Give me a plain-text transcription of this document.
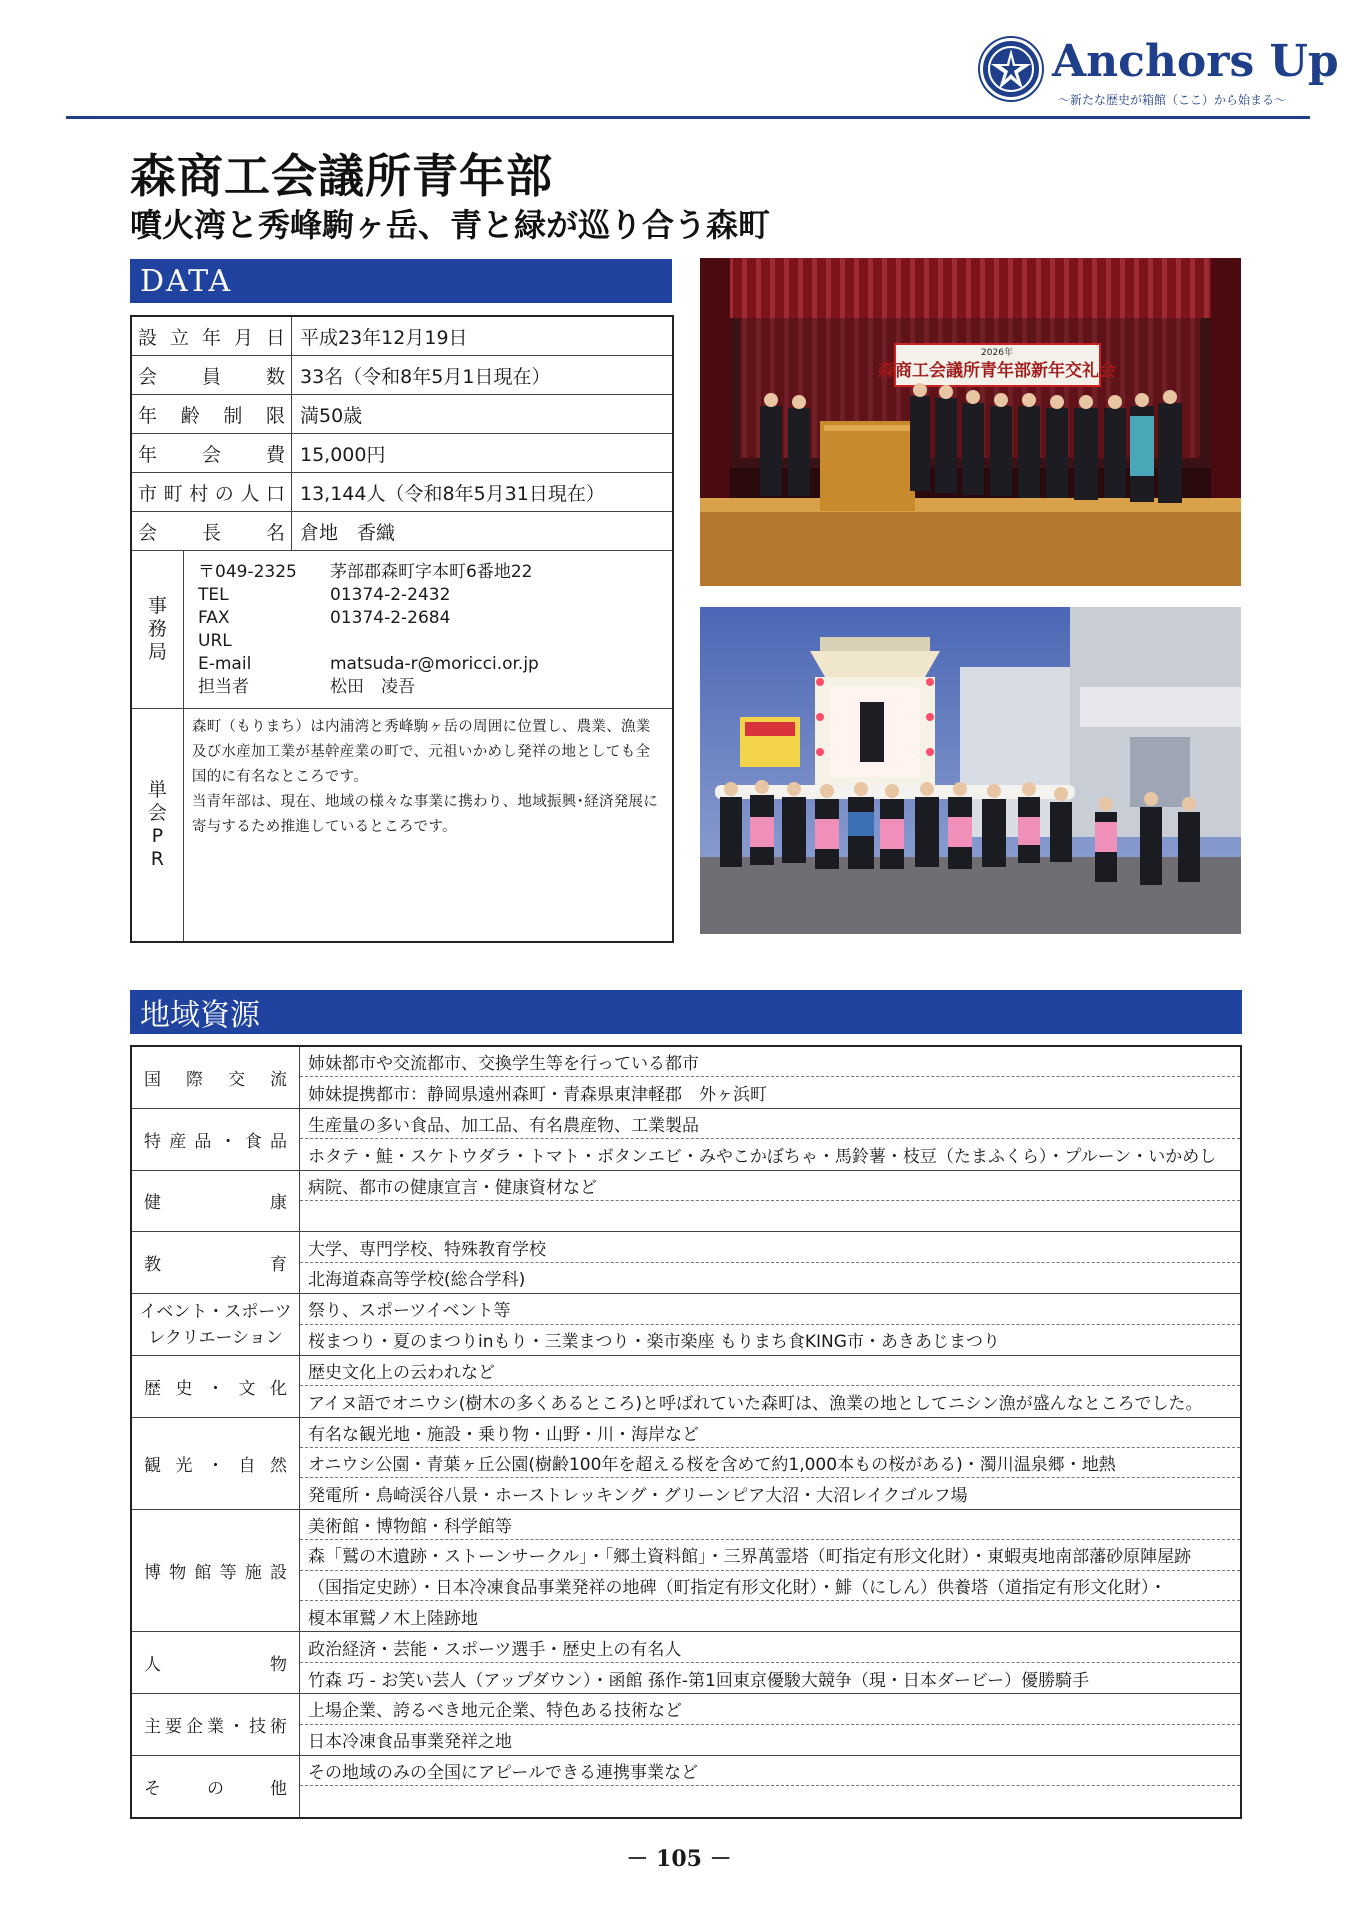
Anchors Up
～新たな歴史が箱館（ここ）から始まる～
森商工会議所青年部
噴火湾と秀峰駒ヶ岳、青と緑が巡り合う森町
DATA
設立年月日 平成23年12月19日
会員数 33名（令和8年5月1日現在）
年齢制限 満50歳
年会費 15,000円
市町村の人口 13,144人（令和8年5月31日現在）
会長名 倉地　香織
事
務
局
〒049-2325	茅部郡森町字本町6番地22
TEL	01374-2-2432
FAX	01374-2-2684
URL
E-mail	matsuda-r@moricci.or.jp
担当者	松田　凌吾
単
会
P
R
森町（もりまち）は内浦湾と秀峰駒ヶ岳の周囲に位置し、農業、漁業及び水産加工業が基幹産業の町で、元祖いかめし発祥の地としても全国的に有名なところです。
当青年部は、現在、地域の様々な事業に携わり、地域振興･経済発展に寄与するため推進しているところです。
2026年
森商工会議所青年部新年交礼会
地域資源
国際交流
姉妹都市や交流都市、交換学生等を行っている都市
姉妹提携都市：静岡県遠州森町・青森県東津軽郡　外ヶ浜町
特産品・食品
生産量の多い食品、加工品、有名農産物、工業製品
ホタテ・鮭・スケトウダラ・トマト・ボタンエビ・みやこかぼちゃ・馬鈴薯・枝豆（たまふくら）・プルーン・いかめし
健康
病院、都市の健康宣言・健康資材など
教育
大学、専門学校、特殊教育学校
北海道森高等学校(総合学科)
イベント・スポーツ
レクリエーション
祭り、スポーツイベント等
桜まつり・夏のまつりinもり・三業まつり・楽市楽座 もりまち食KING市・あきあじまつり
歴史・文化
歴史文化上の云われなど
アイヌ語でオニウシ(樹木の多くあるところ)と呼ばれていた森町は、漁業の地としてニシン漁が盛んなところでした。
観光・自然
有名な観光地・施設・乗り物・山野・川・海岸など
オニウシ公園・青葉ヶ丘公園(樹齢100年を超える桜を含めて約1,000本もの桜がある)・濁川温泉郷・地熱
発電所・鳥崎渓谷八景・ホーストレッキング・グリーンピア大沼・大沼レイクゴルフ場
博物館等施設
美術館・博物館・科学館等
森「鷲の木遺跡・ストーンサークル」・「郷土資料館」・三界萬霊塔（町指定有形文化財）・東蝦夷地南部藩砂原陣屋跡
（国指定史跡）・日本冷凍食品事業発祥の地碑（町指定有形文化財）・鯡（にしん）供養塔（道指定有形文化財）・
榎本軍鷲ノ木上陸跡地
人物
政治経済・芸能・スポーツ選手・歴史上の有名人
竹森 巧 - お笑い芸人（アップダウン）・函館 孫作-第1回東京優駿大競争（現・日本ダービー）優勝騎手
主要企業・技術
上場企業、誇るべき地元企業、特色ある技術など
日本冷凍食品事業発祥之地
その他
その地域のみの全国にアピールできる連携事業など
－ 105 －
